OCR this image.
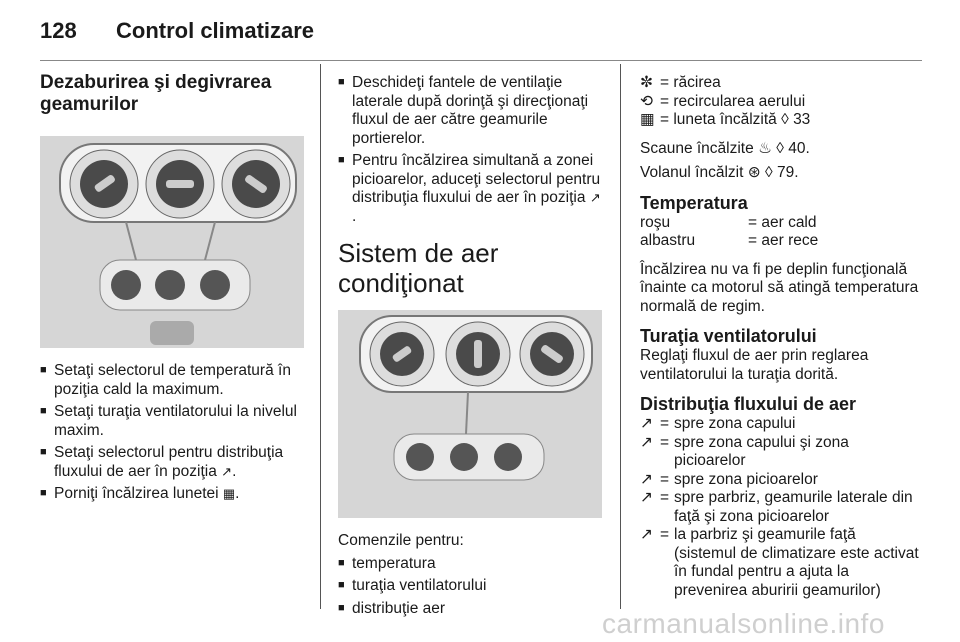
128 Control climatizare
Dezaburirea şi degivrarea geamurilor
■ Setaţi selectorul de temperatură în poziţia cald la maximum.
■ Setaţi turaţia ventilatorului la nivelul maxim.
■ Setaţi selectorul pentru distribuţia fluxului de aer în poziţia ↗.
■ Porniţi încălzirea lunetei ▦.
■ Deschideţi fantele de ventilaţie laterale după dorinţă şi direcţionaţi fluxul de aer către geamurile portierelor.
■ Pentru încălzirea simultană a zonei picioarelor, aduceţi selectorul pentru distribuţia fluxului de aer în poziţia ↗.
Sistem de aer condiţionat
Comenzile pentru:
■ temperatura
■ turaţia ventilatorului
■ distribuţie aer
✼ = răcirea
⟲ = recircularea aerului
▦ = luneta încălzită ◊ 33
Scaune încălzite ♨ ◊ 40.
Volanul încălzit ⊛ ◊ 79.
Temperatura
roşu	= aer cald
albastru	= aer rece
Încălzirea nu va fi pe deplin funcţională înainte ca motorul să atingă temperatura normală de regim.
Turaţia ventilatorului
Reglaţi fluxul de aer prin reglarea ventilatorului la turaţia dorită.
Distribuţia fluxului de aer
↗ = spre zona capului
↗ = spre zona capului şi zona picioarelor
↗ = spre zona picioarelor
↗ = spre parbriz, geamurile laterale din faţă şi zona picioarelor
↗ = la parbriz şi geamurile faţă (sistemul de climatizare este activat în fundal pentru a ajuta la prevenirea aburirii geamurilor)
carmanualsonline.info
